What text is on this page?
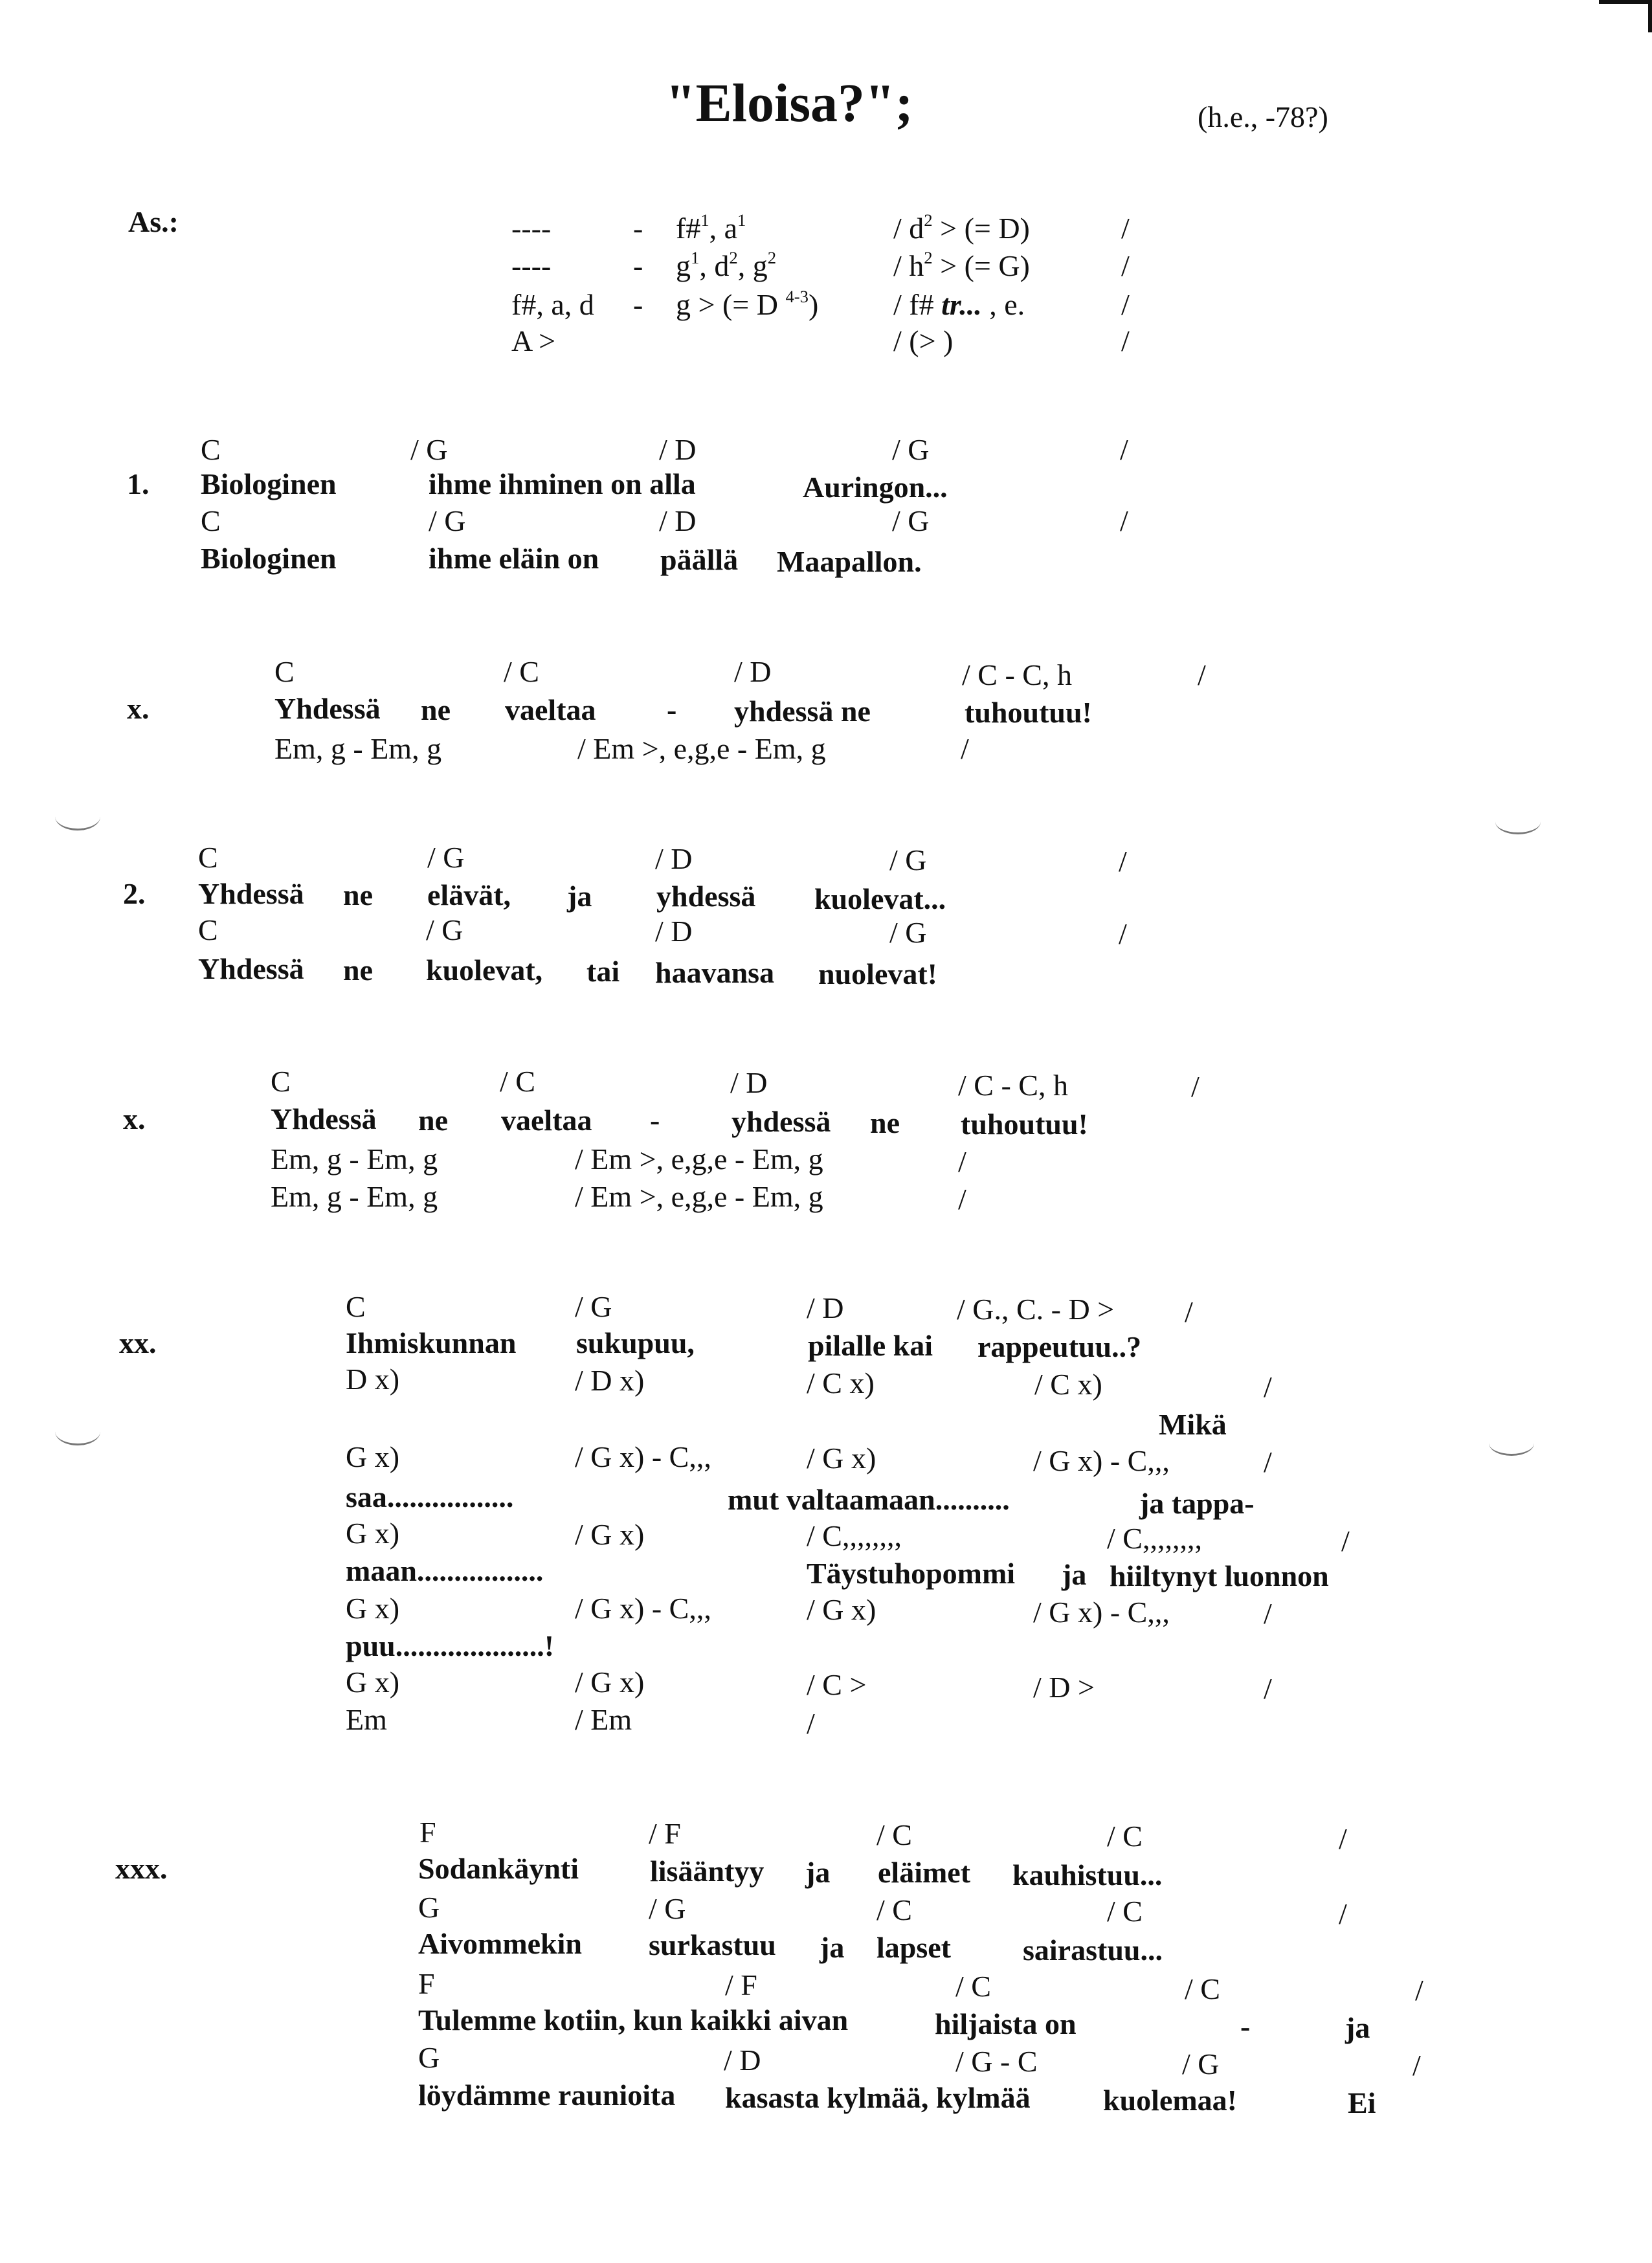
"Eloisa?";	(h.e., -78?)
As.:	----	- f#$^1$, $a^1$	/ $d^2$ > (= D)	/
----	- $g^1$, $d^2$, $g^2$	/ $h^2$ > (= G)	/
f#, a, d - g > (= D $^{4-3}$)	/ f# tr... , e.	/
A >	/ (> )	/
1.
C	/ G	/ D	/ G	/
Biologinen	ihme ihminen on alla	Auringon...
C	/ G	/ D	/ G	/
Biologinen	ihme eläin on päällä Maapallon.
x.
C	/ C	/ D	/ C - C, h	/
Yhdessä ne vaeltaa - yhdessä ne	tuhoutuu!
Em, g - Em, g	/ Em >, e,g,e - Em, g	/
2.
C	/ G	/ D	/ G	/
Yhdessä ne elävät, ja yhdessä kuolevat...
C	/ G	/ D	/ G	/
Yhdessä ne kuolevat, tai haavansa nuolevat!
x.
C	/ C	/ D	/ C - C, h	/
Yhdessä ne vaeltaa - yhdessä ne tuhoutuu!
Em, g - Em, g	/ Em >, e,g,e - Em, g	/
Em, g - Em, g	/ Em >, e,g,e - Em, g	/
xx.
C	/ G	/ D	/ G., C. - D > /
Ihmiskunnan sukupuu,	pilalle kai rappeutuu..?
D x)	/ D x)	/ C x)	/ C x)	/
Mikä
G x)	/ G x) - C,,,	/ G x)	/ G x) - C,,,	/
saa.................	mut valtaamaan..........	ja tappa-
G x)	/ G x)	/ C,,,,,,,,	/ C,,,,,,,,	/
maan.................	Täystuhopommi ja hiiltynyt luonnon
G x)	/ G x) - C,,,	/ G x)	/ G x) - C,,,	/
puu....................!
G x)	/ G x)	/ C >	/ D >	/
Em	/ Em	/
xxx.
F	/ F	/ C	/ C	/
Sodankäynti lisääntyy ja eläimet kauhistuu...
G	/ G	/ C	/ C	/
Aivommekin surkastuu ja lapset sairastuu...
F	/ F	/ C	/ C	/
Tulemme kotiin, kun kaikki aivan	hiljaista on	-	ja
G	/ D	/ G - C	/ G	/
löydämme raunioita kasasta kylmää, kylmää kuolemaa!	Ei
